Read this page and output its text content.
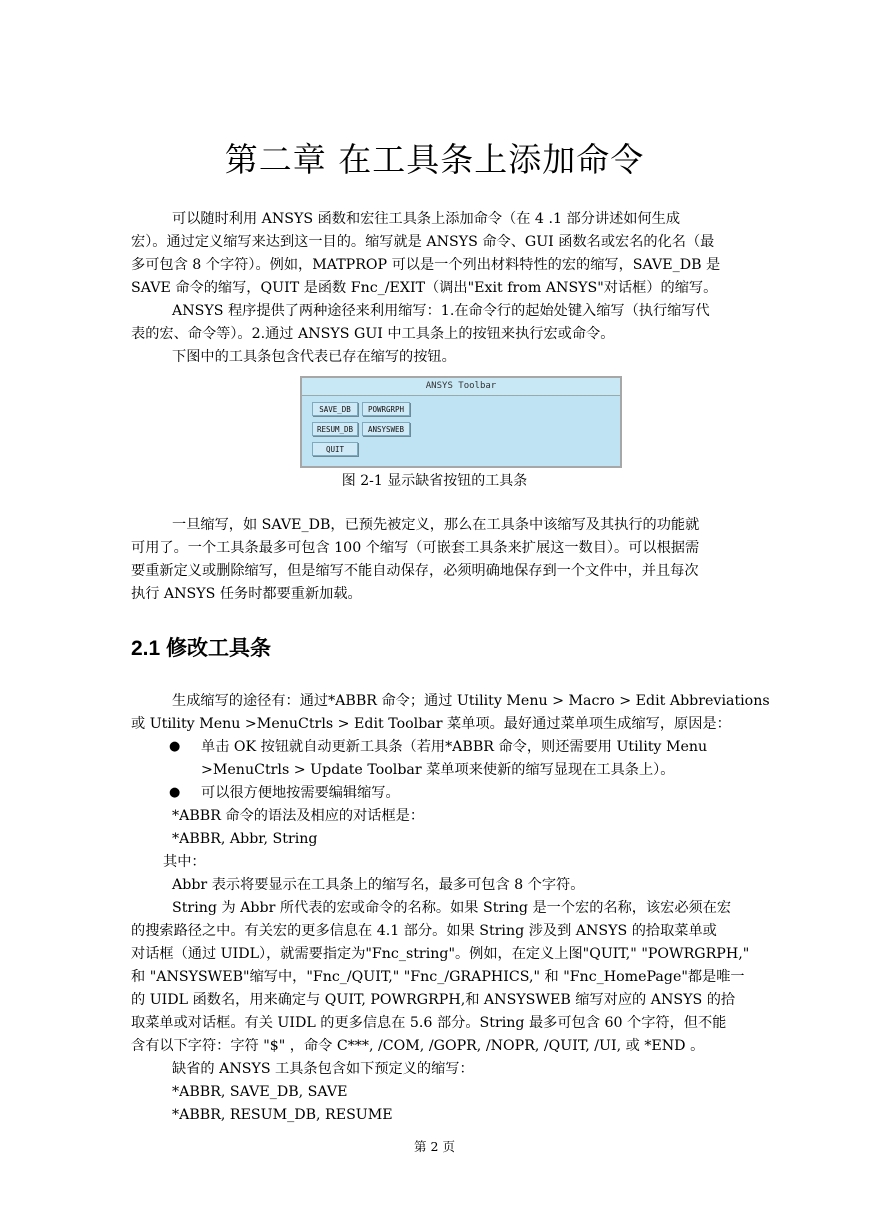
第二章 在工具条上添加命令
可以随时利用 ANSYS 函数和宏往工具条上添加命令（在 4 .1 部分讲述如何生成
宏）。通过定义缩写来达到这一目的。缩写就是 ANSYS 命令、GUI 函数名或宏名的化名（最
多可包含 8 个字符）。例如，MATPROP 可以是一个列出材料特性的宏的缩写，SAVE_DB 是
SAVE 命令的缩写，QUIT 是函数 Fnc_/EXIT（调出"Exit from ANSYS"对话框）的缩写。
ANSYS 程序提供了两种途径来利用缩写：1.在命令行的起始处键入缩写（执行缩写代
表的宏、命令等）。2.通过 ANSYS GUI 中工具条上的按钮来执行宏或命令。
下图中的工具条包含代表已存在缩写的按钮。
ANSYS Toolbar
SAVE_DB	POWRGRPH
RESUM_DB	ANSYSWEB
QUIT
图 2-1 显示缺省按钮的工具条
一旦缩写，如 SAVE_DB，已预先被定义，那么在工具条中该缩写及其执行的功能就
可用了。一个工具条最多可包含 100 个缩写（可嵌套工具条来扩展这一数目）。可以根据需
要重新定义或删除缩写，但是缩写不能自动保存，必须明确地保存到一个文件中，并且每次
执行 ANSYS 任务时都要重新加载。
2.1 修改工具条
生成缩写的途径有：通过*ABBR 命令；通过 Utility Menu > Macro > Edit Abbreviations
或 Utility Menu >MenuCtrls > Edit Toolbar 菜单项。最好通过菜单项生成缩写，原因是：
● 单击 OK 按钮就自动更新工具条（若用*ABBR 命令，则还需要用 Utility Menu
>MenuCtrls > Update Toolbar 菜单项来使新的缩写显现在工具条上）。
● 可以很方便地按需要编辑缩写。
*ABBR 命令的语法及相应的对话框是：
*ABBR, Abbr, String
其中：
Abbr 表示将要显示在工具条上的缩写名，最多可包含 8 个字符。
String 为 Abbr 所代表的宏或命令的名称。如果 String 是一个宏的名称，该宏必须在宏
的搜索路径之中。有关宏的更多信息在 4.1 部分。如果 String 涉及到 ANSYS 的拾取菜单或
对话框（通过 UIDL），就需要指定为"Fnc_string"。例如，在定义上图"QUIT," "POWRGRPH,"
和 "ANSYSWEB"缩写中，"Fnc_/QUIT," "Fnc_/GRAPHICS," 和 "Fnc_HomePage"都是唯一
的 UIDL 函数名，用来确定与 QUIT, POWRGRPH,和 ANSYSWEB 缩写对应的 ANSYS 的拾
取菜单或对话框。有关 UIDL 的更多信息在 5.6 部分。String 最多可包含 60 个字符，但不能
含有以下字符：字符 "$" ，命令 C***, /COM, /GOPR, /NOPR, /QUIT, /UI, 或 *END 。
缺省的 ANSYS 工具条包含如下预定义的缩写：
*ABBR, SAVE_DB, SAVE
*ABBR, RESUM_DB, RESUME
第 2 页
